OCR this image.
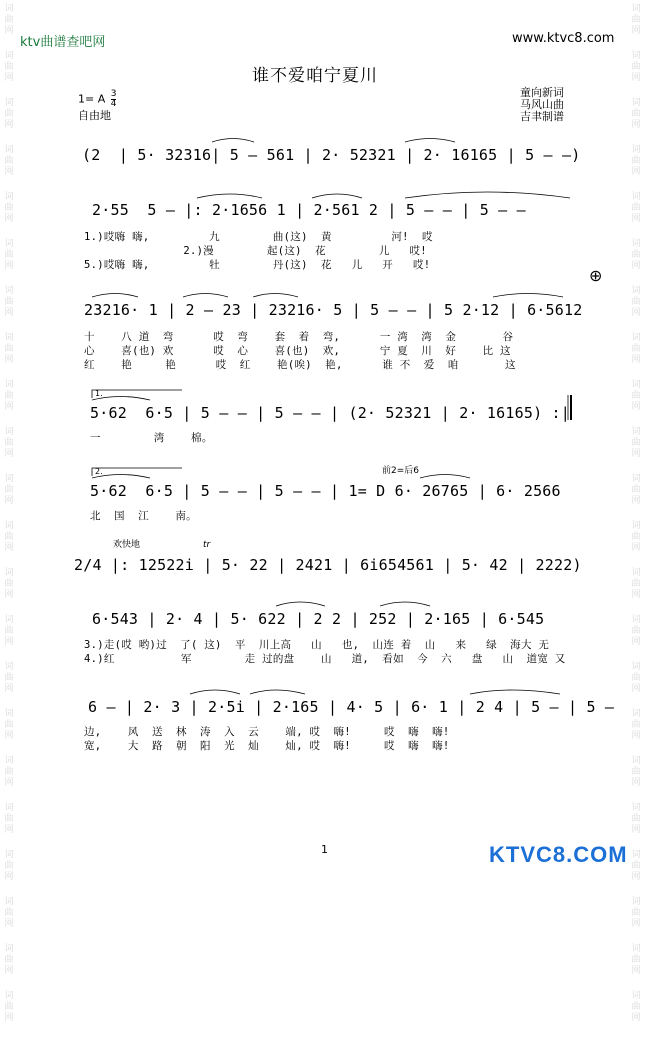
词
曲
网
词
曲
网
词
曲
网
词
曲
网
词
曲
网
词
曲
网
词
曲
网
词
曲
网
词
曲
网
词
曲
网
词
曲
网
词
曲
网
词
曲
网
词
曲
网
词
曲
网
词
曲
网
词
曲
网
词
曲
网
词
曲
网
词
曲
网
词
曲
网
词
曲
网
词
曲
网
词
曲
网
词
曲
网
词
曲
网
词
曲
网
词
曲
网
词
曲
网
词
曲
网
词
曲
网
词
曲
网
词
曲
网
词
曲
网
词
曲
网
词
曲
网
词
曲
网
词
曲
网
词
曲
网
词
曲
网
词
曲
网
词
曲
网
词
曲
网
词
曲
网
ktv曲谱查吧网	www.ktvc8.com
谁不爱咱宁夏川
1= A $\frac{3}{4}$
自由地
童向新词
马风山曲
吉聿制谱
(2  | 5· 32316| 5 — 561 | 2· 52321 | 2· 16165 | 5 — —)
2·55  5 — |: 2·1656 1 | 2·561 2 | 5 — — | 5 — —
1.)哎嗨 嗨,         九        曲(这)  黄         河!  哎
2.)漫        起(这)  花        儿   哎!
5.)哎嗨 嗨,         牡        丹(这)  花   儿   开   哎!
⊕
23216· 1 | 2 — 23 | 23216· 5 | 5 — — | 5 2·12 | 6·5612
十    八 道  弯      哎  弯    套  着  弯,      一 湾  湾  金       谷
心    喜(也) 欢      哎  心    喜(也)  欢,      宁 夏  川  好    比 这
红    艳     艳      哎  红    艳(唉)  艳,      谁 不  爱  咱       这
5·62  6·5 | 5 — — | 5 — — | (2· 52321 | 2· 16165) :|
一        湾    棉。
前2=后6
5·62  6·5 | 5 — — | 5 — — | 1= D 6· 26765 | 6· 2566
北  国  江    南。
欢快地	tr
2/4 |: 12522i | 5· 22 | 2421 | 6i654561 | 5· 42 | 2222)
6·543 | 2· 4 | 5· 622 | 2 2 | 252 | 2·165 | 6·545
3.)走(哎 哟)过  了( 这)  平  川上高   山   也,  山连 着  山   来   绿  海大 无
4.)红          军        走 过的盘    山   道,  看如  今  六   盘   山  道宽 又
6 — | 2· 3 | 2·5i | 2·165 | 4· 5 | 6· 1 | 2 4 | 5 — | 5 —
边,    风  送  林  涛  入  云    端, 哎  嗨!     哎  嗨  嗨!
宽,    大  路  朝  阳  光  灿    灿, 哎  嗨!     哎  嗨  嗨!
1.
2.
1	KTVC8.COM
